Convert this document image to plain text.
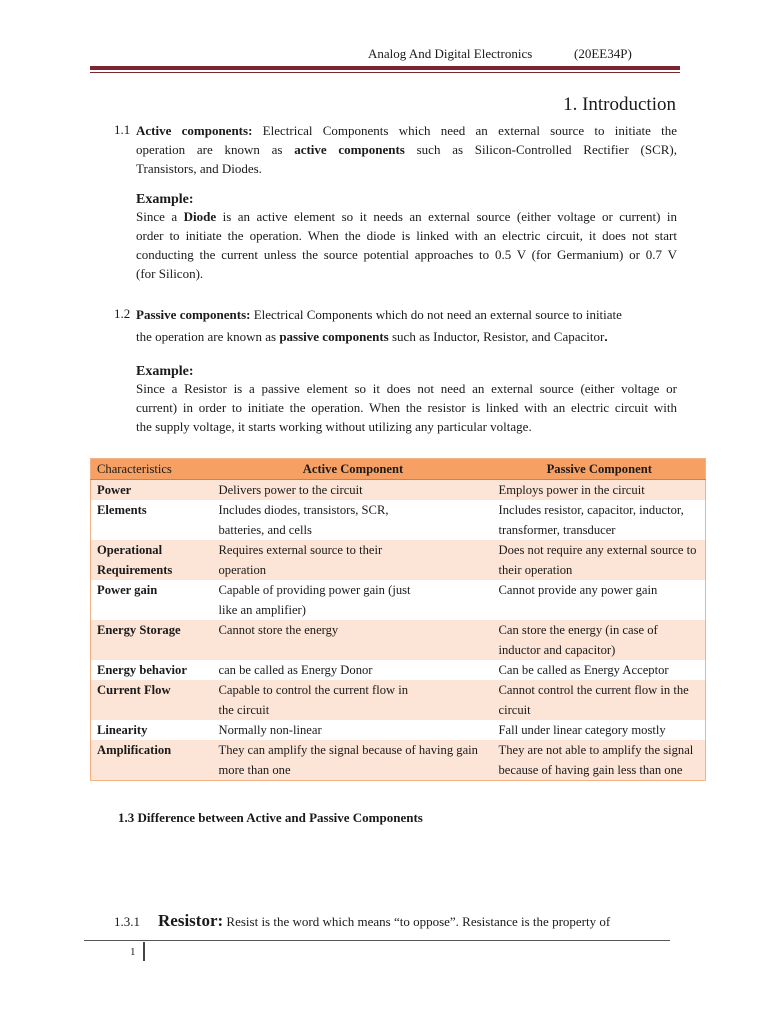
Analog And Digital Electronics	(20EE34P)
1. Introduction
1.1 Active components: Electrical Components which need an external source to initiate the
operation are known as active components such as Silicon-Controlled Rectifier (SCR),
Transistors, and Diodes.
Example:
Since a Diode is an active element so it needs an external source (either voltage or current) in
order to initiate the operation. When the diode is linked with an electric circuit, it does not start
conducting the current unless the source potential approaches to 0.5 V (for Germanium) or 0.7 V
(for Silicon).
1.2 Passive components: Electrical Components which do not need an external source to initiate
the operation are known as passive components such as Inductor, Resistor, and Capacitor.
Example:
Since a Resistor is a passive element so it does not need an external source (either voltage or
current) in order to initiate the operation. When the resistor is linked with an electric circuit with
the supply voltage, it starts working without utilizing any particular voltage.
Characteristics	Active Component	Passive Component
Power	Delivers power to the circuit	Employs power in the circuit
Elements	Includes diodes, transistors, SCR, batteries, and cells	Includes resistor, capacitor, inductor, transformer, transducer
Operational Requirements	Requires external source to their operation	Does not require any external source to their operation
Power gain	Capable of providing power gain (just like an amplifier)	Cannot provide any power gain
Energy Storage	Cannot store the energy	Can store the energy (in case of inductor and capacitor)
Energy behavior	can be called as Energy Donor	Can be called as Energy Acceptor
Current Flow	Capable to control the current flow in the circuit	Cannot control the current flow in the circuit
Linearity	Normally non-linear	Fall under linear category mostly
Amplification	They can amplify the signal because of having gain more than one	They are not able to amplify the signal because of having gain less than one
1.3 Difference between Active and Passive Components
1.3.1 Resistor: Resist is the word which means “to oppose”. Resistance is the property of
1
